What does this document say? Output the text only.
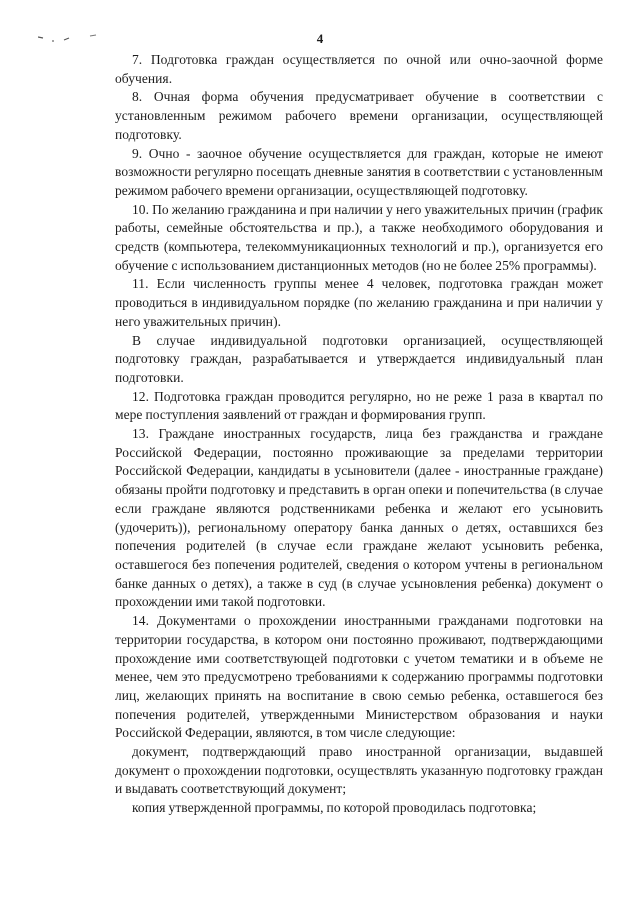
4

7. Подготовка граждан осуществляется по очной или очно-заочной форме обучения.

8. Очная форма обучения предусматривает обучение в соответствии с установленным режимом рабочего времени организации, осуществляющей подготовку.

9. Очно - заочное обучение осуществляется для граждан, которые не имеют возможности регулярно посещать дневные занятия в соответствии с установленным режимом рабочего времени организации, осуществляющей подготовку.

10. По желанию гражданина и при наличии у него уважительных причин (график работы, семейные обстоятельства и пр.), а также необходимого оборудования и средств (компьютера, телекоммуникационных технологий и пр.), организуется его обучение с использованием дистанционных методов (но не более 25% программы).

11. Если численность группы менее 4 человек, подготовка граждан может проводиться в индивидуальном порядке (по желанию гражданина и при наличии у него уважительных причин).

В случае индивидуальной подготовки организацией, осуществляющей подготовку граждан, разрабатывается и утверждается индивидуальный план подготовки.

12. Подготовка граждан проводится регулярно, но не реже 1 раза в квартал по мере поступления заявлений от граждан и формирования групп.

13. Граждане иностранных государств, лица без гражданства и граждане Российской Федерации, постоянно проживающие за пределами территории Российской Федерации, кандидаты в усыновители (далее - иностранные граждане) обязаны пройти подготовку и представить в орган опеки и попечительства (в случае если граждане являются родственниками ребенка и желают его усыновить (удочерить)), региональному оператору банка данных о детях, оставшихся без попечения родителей (в случае если граждане желают усыновить ребенка, оставшегося без попечения родителей, сведения о котором учтены в региональном банке данных о детях), а также в суд (в случае усыновления ребенка) документ о прохождении ими такой подготовки.

14. Документами о прохождении иностранными гражданами подготовки на территории государства, в котором они постоянно проживают, подтверждающими прохождение ими соответствующей подготовки с учетом тематики и в объеме не менее, чем это предусмотрено требованиями к содержанию программы подготовки лиц, желающих принять на воспитание в свою семью ребенка, оставшегося без попечения родителей, утвержденными Министерством образования и науки Российской Федерации, являются, в том числе следующие:

документ, подтверждающий право иностранной организации, выдавшей документ о прохождении подготовки, осуществлять указанную подготовку граждан и выдавать соответствующий документ;

копия утвержденной программы, по которой проводилась подготовка;
